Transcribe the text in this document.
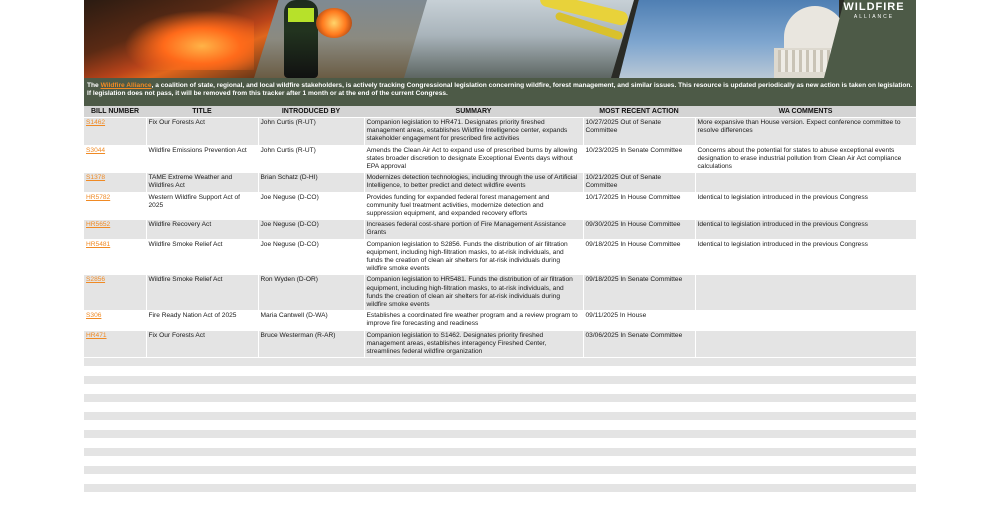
WILDFIRE
ALLIANCE
The Wildfire Alliance, a coalition of state, regional, and local wildfire stakeholders, is actively tracking Congressional legislation concerning wildfire, forest management, and similar issues. This resource is updated periodically as new action is taken on legislation. If legislation does not pass, it will be removed from this tracker after 1 month or at the end of the current Congress.
BILL NUMBER	TITLE	INTRODUCED BY	SUMMARY	MOST RECENT ACTION	WA COMMENTS
S1462	Fix Our Forests Act	John Curtis (R-UT)	Companion legislation to HR471. Designates priority fireshed management areas, establishes Wildfire Intelligence center, expands stakeholder engagement for prescribed fire activities	10/27/2025 Out of Senate Committee	More expansive than House version. Expect conference committee to resolve differences
S3044	Wildfire Emissions Prevention Act	John Curtis (R-UT)	Amends the Clean Air Act to expand use of prescribed burns by allowing states broader discretion to designate Exceptional Events days without EPA approval	10/23/2025 In Senate Committee	Concerns about the potential for states to abuse exceptional events designation to erase industrial pollution from Clean Air Act compliance calculations
S1378	TAME Extreme Weather and Wildfires Act	Brian Schatz (D-HI)	Modernizes detection technologies, including through the use of Artificial Intelligence, to better predict and detect wildfire events	10/21/2025 Out of Senate Committee	
HR5782	Western Wildfire Support Act of 2025	Joe Neguse (D-CO)	Provides funding for expanded federal forest management and community fuel treatment activities, modernize detection and suppression equipment, and expanded recovery efforts	10/17/2025 In House Committee	Identical to legislation introduced in the previous Congress
HR5652	Wildfire Recovery Act	Joe Neguse (D-CO)	Increases federal cost-share portion of Fire Management Assistance Grants	09/30/2025 In House Committee	Identical to legislation introduced in the previous Congress
HR5481	Wildfire Smoke Relief Act	Joe Neguse (D-CO)	Companion legislation to S2856. Funds the distribution of air filtration equipment, including high-filtration masks, to at-risk individuals, and funds the creation of clean air shelters for at-risk individuals during wildfire smoke events	09/18/2025 In House Committee	Identical to legislation introduced in the previous Congress
S2856	Wildfire Smoke Relief Act	Ron Wyden (D-OR)	Companion legislation to HR5481. Funds the distribution of air filtration equipment, including high-filtration masks, to at-risk individuals, and funds the creation of clean air shelters for at-risk individuals during wildfire smoke events	09/18/2025 In Senate Committee	
S306	Fire Ready Nation Act of 2025	Maria Cantwell (D-WA)	Establishes a coordinated fire weather program and a review program to improve fire forecasting and readiness	09/11/2025 In House	
HR471	Fix Our Forests Act	Bruce Westerman (R-AR)	Companion legislation to S1462. Designates priority fireshed management areas, establishes interagency Fireshed Center, streamlines federal wildfire organization	03/06/2025 In Senate Committee	
